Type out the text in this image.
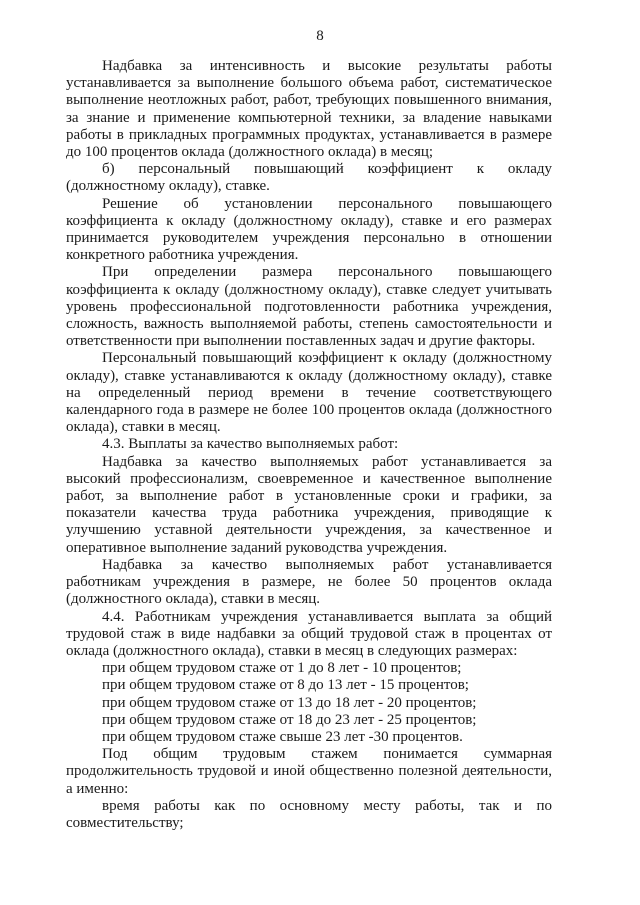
8

Надбавка за интенсивность и высокие результаты работы устанавливается за выполнение большого объема работ, систематическое выполнение неотложных работ, работ, требующих повышенного внимания, за знание и применение компьютерной техники, за владение навыками работы в прикладных программных продуктах, устанавливается в размере до 100 процентов оклада (должностного оклада) в месяц;

б) персональный повышающий коэффициент к окладу (должностному окладу), ставке.

Решение об установлении персонального повышающего коэффициента к окладу (должностному окладу), ставке и его размерах принимается руководителем учреждения персонально в отношении конкретного работника учреждения.

При определении размера персонального повышающего коэффициента к окладу (должностному окладу), ставке следует учитывать уровень профессиональной подготовленности работника учреждения, сложность, важность выполняемой работы, степень самостоятельности и ответственности при выполнении поставленных задач и другие факторы.

Персональный повышающий коэффициент к окладу (должностному окладу), ставке устанавливаются к окладу (должностному окладу), ставке на определенный период времени в течение соответствующего календарного года в размере не более 100 процентов оклада (должностного оклада), ставки в месяц.

4.3. Выплаты за качество выполняемых работ:

Надбавка за качество выполняемых работ устанавливается за высокий профессионализм, своевременное и качественное выполнение работ, за выполнение работ в установленные сроки и графики, за показатели качества труда работника учреждения, приводящие к улучшению уставной деятельности учреждения, за качественное и оперативное выполнение заданий руководства учреждения.

Надбавка за качество выполняемых работ устанавливается работникам учреждения в размере, не более 50 процентов оклада (должностного оклада), ставки в месяц.

4.4. Работникам учреждения устанавливается выплата за общий трудовой стаж в виде надбавки за общий трудовой стаж в процентах от оклада (должностного оклада), ставки в месяц в следующих размерах:

при общем трудовом стаже от 1 до 8 лет - 10 процентов;

при общем трудовом стаже от 8 до 13 лет - 15 процентов;

при общем трудовом стаже от 13 до 18 лет - 20 процентов;

при общем трудовом стаже от 18 до 23 лет - 25 процентов;

при общем трудовом стаже свыше 23 лет -30 процентов.

Под общим трудовым стажем понимается суммарная продолжительность трудовой и иной общественно полезной деятельности, а именно:

время работы как по основному месту работы, так и по совместительству;
